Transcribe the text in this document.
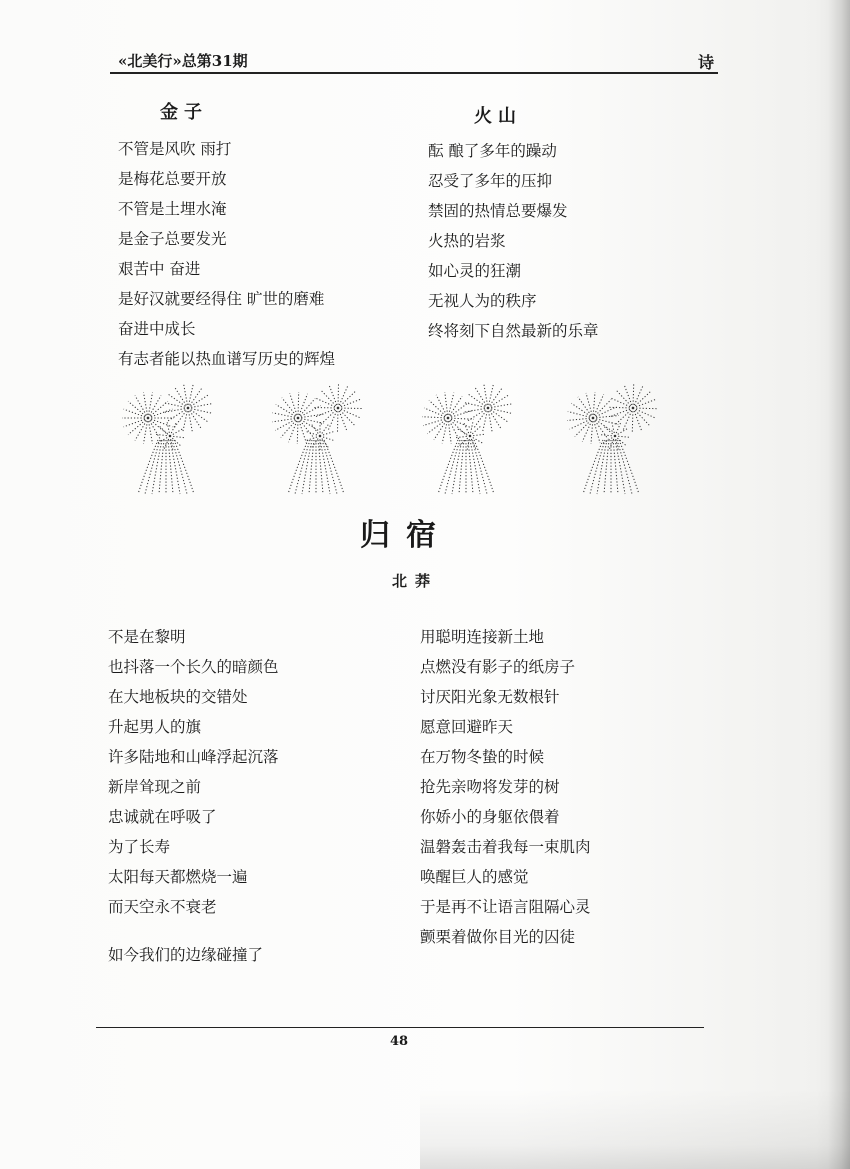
«北美行»总第31期	诗
金子
不管是风吹 雨打
是梅花总要开放
不管是土埋水淹
是金子总要发光
艰苦中 奋进
是好汉就要经得住 旷世的磨难
奋进中成长
有志者能以热血谱写历史的辉煌
火山
酝 酿了多年的躁动
忍受了多年的压抑
禁固的热情总要爆发
火热的岩浆
如心灵的狂潮
无视人为的秩序
终将刻下自然最新的乐章
归宿
北莽
不是在黎明
也抖落一个长久的暗颜色
在大地板块的交错处
升起男人的旗
许多陆地和山峰浮起沉落
新岸耸现之前
忠诚就在呼吸了
为了长寿
太阳每天都燃烧一遍
而天空永不衰老
如今我们的边缘碰撞了
用聪明连接新土地
点燃没有影子的纸房子
讨厌阳光象无数根针
愿意回避昨天
在万物冬蛰的时候
抢先亲吻将发芽的树
你娇小的身躯依偎着
温磐轰击着我每一束肌肉
唤醒巨人的感觉
于是再不让语言阻隔心灵
颤栗着做你目光的囚徒
48
